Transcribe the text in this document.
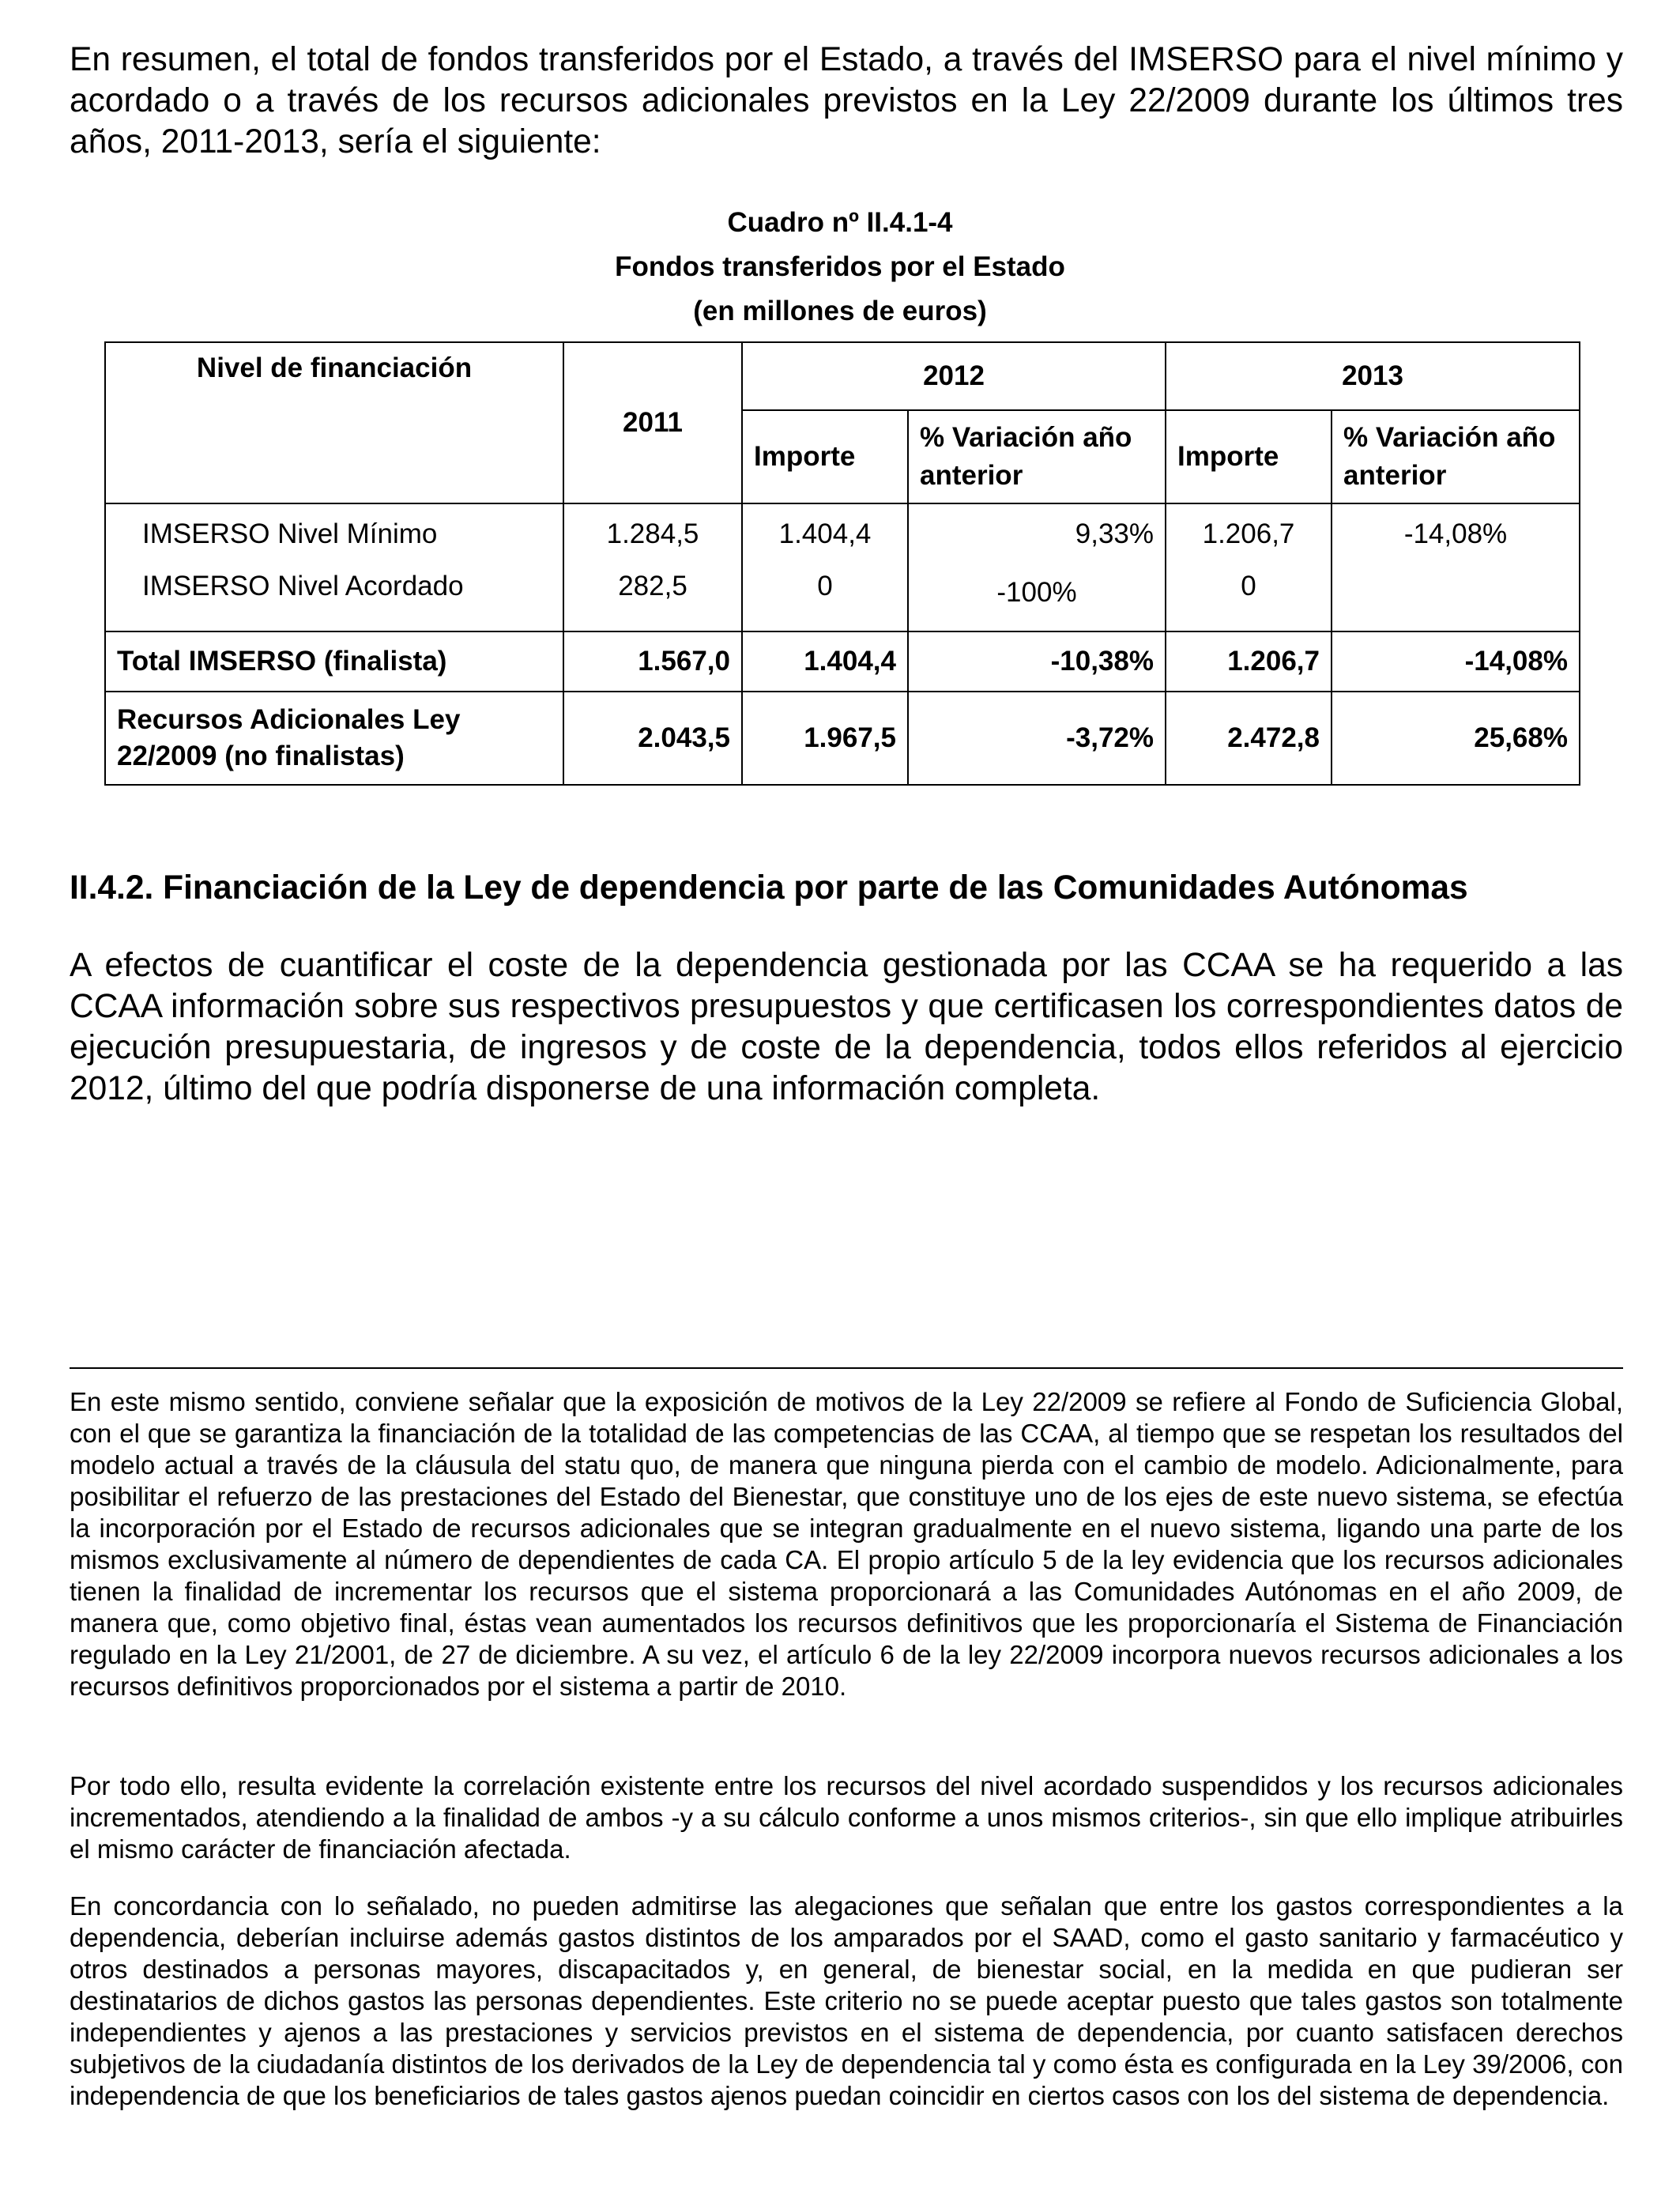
En resumen, el total de fondos transferidos por el Estado, a través del IMSERSO para el nivel mínimo y acordado o a través de los recursos adicionales previstos en la Ley 22/2009 durante los últimos tres años, 2011-2013, sería el siguiente:

Cuadro nº II.4.1-4

Fondos transferidos por el Estado

(en millones de euros)

Nivel de financiación	2011	2012		2013	
		Importe	% Variación año anterior	Importe	% Variación año anterior
IMSERSO Nivel Mínimo	1.284,5	1.404,4	9,33%	1.206,7	-14,08%
IMSERSO Nivel Acordado	282,5	0	-100%	0	
Total IMSERSO (finalista)	1.567,0	1.404,4	-10,38%	1.206,7	-14,08%
Recursos Adicionales Ley 22/2009 (no finalistas)	2.043,5	1.967,5	-3,72%	2.472,8	25,68%

II.4.2. Financiación de la Ley de dependencia por parte de las Comunidades Autónomas

A efectos de cuantificar el coste de la dependencia gestionada por las CCAA se ha requerido a las CCAA información sobre sus respectivos presupuestos y que certificasen los correspondientes datos de ejecución presupuestaria, de ingresos y de coste de la dependencia, todos ellos referidos al ejercicio 2012, último del que podría disponerse de una información completa.

En este mismo sentido, conviene señalar que la exposición de motivos de la Ley 22/2009 se refiere al Fondo de Suficiencia Global, con el que se garantiza la financiación de la totalidad de las competencias de las CCAA, al tiempo que se respetan los resultados del modelo actual a través de la cláusula del statu quo, de manera que ninguna pierda con el cambio de modelo. Adicionalmente, para posibilitar el refuerzo de las prestaciones del Estado del Bienestar, que constituye uno de los ejes de este nuevo sistema, se efectúa la incorporación por el Estado de recursos adicionales que se integran gradualmente en el nuevo sistema, ligando una parte de los mismos exclusivamente al número de dependientes de cada CA. El propio artículo 5 de la ley evidencia que los recursos adicionales tienen la finalidad de incrementar los recursos que el sistema proporcionará a las Comunidades Autónomas en el año 2009, de manera que, como objetivo final, éstas vean aumentados los recursos definitivos que les proporcionaría el Sistema de Financiación regulado en la Ley 21/2001, de 27 de diciembre. A su vez, el artículo 6 de la ley 22/2009 incorpora nuevos recursos adicionales a los recursos definitivos proporcionados por el sistema a partir de 2010.

Por todo ello, resulta evidente la correlación existente entre los recursos del nivel acordado suspendidos y los recursos adicionales incrementados, atendiendo a la finalidad de ambos -y a su cálculo conforme a unos mismos criterios-, sin que ello implique atribuirles el mismo carácter de financiación afectada.

En concordancia con lo señalado, no pueden admitirse las alegaciones que señalan que entre los gastos correspondientes a la dependencia, deberían incluirse además gastos distintos de los amparados por el SAAD, como el gasto sanitario y farmacéutico y otros destinados a personas mayores, discapacitados y, en general, de bienestar social, en la medida en que pudieran ser destinatarios de dichos gastos las personas dependientes. Este criterio no se puede aceptar puesto que tales gastos son totalmente independientes y ajenos a las prestaciones y servicios previstos en el sistema de dependencia, por cuanto satisfacen derechos subjetivos de la ciudadanía distintos de los derivados de la Ley de dependencia tal y como ésta es configurada en la Ley 39/2006, con independencia de que los beneficiarios de tales gastos ajenos puedan coincidir en ciertos casos con los del sistema de dependencia.
